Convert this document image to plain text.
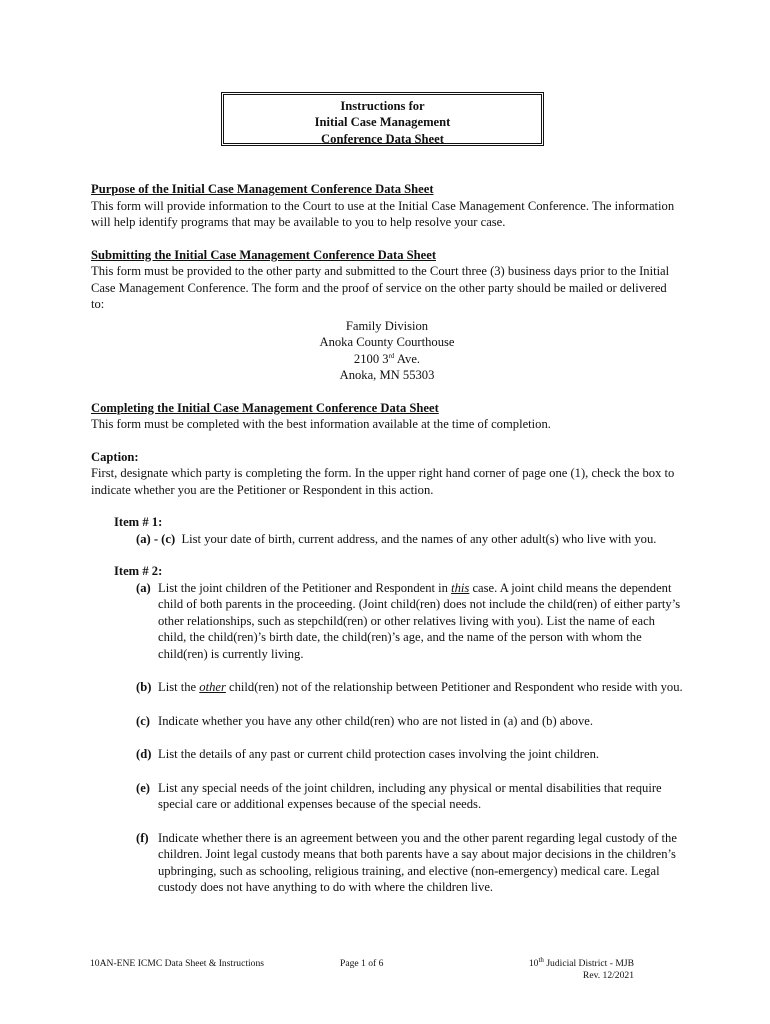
Instructions for
Initial Case Management
Conference Data Sheet

Purpose of the Initial Case Management Conference Data Sheet

This form will provide information to the Court to use at the Initial Case Management Conference. The information will help identify programs that may be available to you to help resolve your case.

Submitting the Initial Case Management Conference Data Sheet

This form must be provided to the other party and submitted to the Court three (3) business days prior to the Initial Case Management Conference. The form and the proof of service on the other party should be mailed or delivered to:

Family Division
Anoka County Courthouse
2100 3rd Ave.
Anoka, MN 55303

Completing the Initial Case Management Conference Data Sheet

This form must be completed with the best information available at the time of completion.

Caption:

First, designate which party is completing the form. In the upper right hand corner of page one (1), check the box to indicate whether you are the Petitioner or Respondent in this action.

Item # 1:

(a) - (c) List your date of birth, current address, and the names of any other adult(s) who live with you.

Item # 2:

(a) List the joint children of the Petitioner and Respondent in this case. A joint child means the dependent child of both parents in the proceeding. (Joint child(ren) does not include the child(ren) of either party’s other relationships, such as stepchild(ren) or other relatives living with you). List the name of each child, the child(ren)’s birth date, the child(ren)’s age, and the name of the person with whom the child(ren) is currently living.
(b) List the other child(ren) not of the relationship between Petitioner and Respondent who reside with you.
(c) Indicate whether you have any other child(ren) who are not listed in (a) and (b) above.
(d) List the details of any past or current child protection cases involving the joint children.
(e) List any special needs of the joint children, including any physical or mental disabilities that require special care or additional expenses because of the special needs.
(f) Indicate whether there is an agreement between you and the other parent regarding legal custody of the children. Joint legal custody means that both parents have a say about major decisions in the children’s upbringing, such as schooling, religious training, and elective (non-emergency) medical care. Legal custody does not have anything to do with where the children live.
10AN-ENE ICMC Data Sheet & Instructions	Page 1 of 6	10th Judicial District - MJB
Rev. 12/2021
